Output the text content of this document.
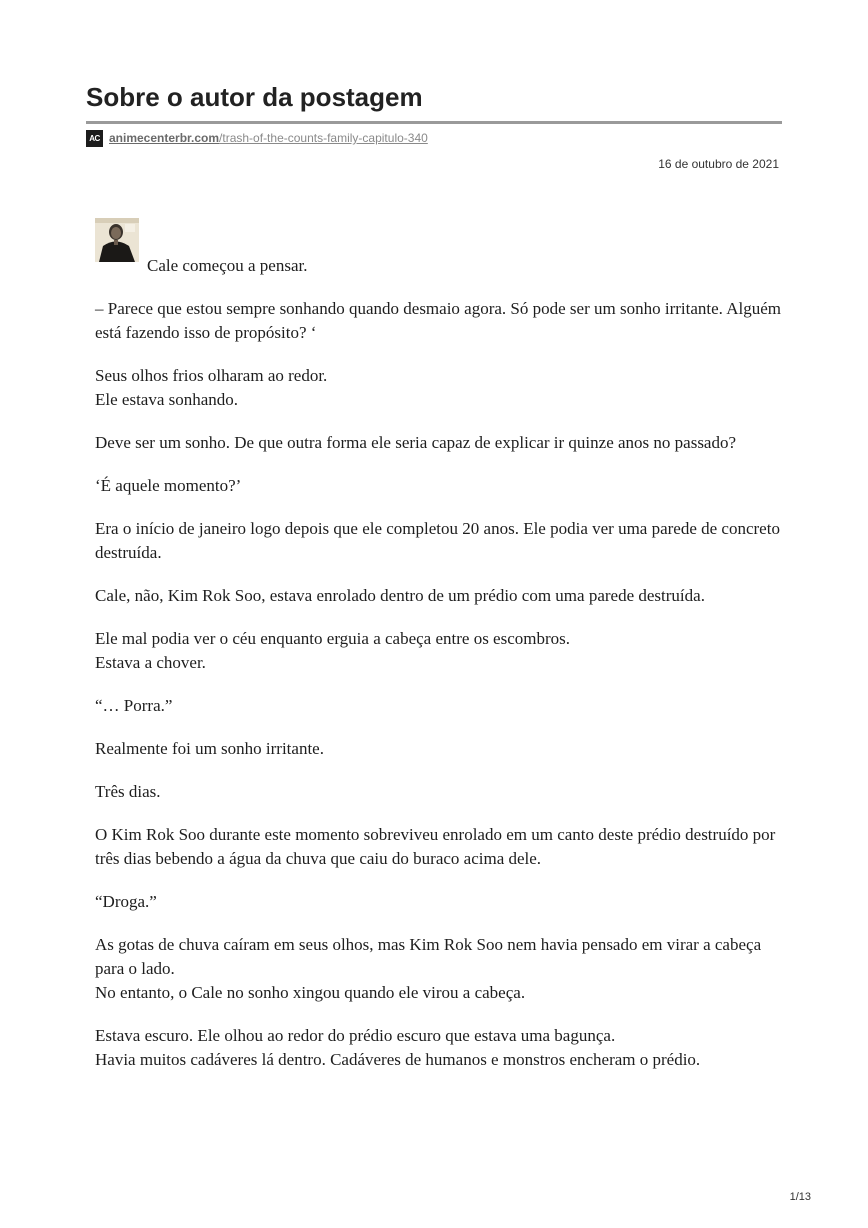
Sobre o autor da postagem
AC animecenterbr.com /trash-of-the-counts-family-capitulo-340
16 de outubro de 2021

Cale começou a pensar.

– Parece que estou sempre sonhando quando desmaio agora. Só pode ser um sonho irritante. Alguém está fazendo isso de propósito? ‘

Seus olhos frios olharam ao redor.
Ele estava sonhando.

Deve ser um sonho. De que outra forma ele seria capaz de explicar ir quinze anos no passado?

‘É aquele momento?’

Era o início de janeiro logo depois que ele completou 20 anos. Ele podia ver uma parede de concreto destruída.

Cale, não, Kim Rok Soo, estava enrolado dentro de um prédio com uma parede destruída.

Ele mal podia ver o céu enquanto erguia a cabeça entre os escombros.
Estava a chover.

“… Porra.”

Realmente foi um sonho irritante.

Três dias.

O Kim Rok Soo durante este momento sobreviveu enrolado em um canto deste prédio destruído por três dias bebendo a água da chuva que caiu do buraco acima dele.

“Droga.”

As gotas de chuva caíram em seus olhos, mas Kim Rok Soo nem havia pensado em virar a cabeça para o lado.
No entanto, o Cale no sonho xingou quando ele virou a cabeça.

Estava escuro. Ele olhou ao redor do prédio escuro que estava uma bagunça.
Havia muitos cadáveres lá dentro. Cadáveres de humanos e monstros encheram o prédio.

1/13
